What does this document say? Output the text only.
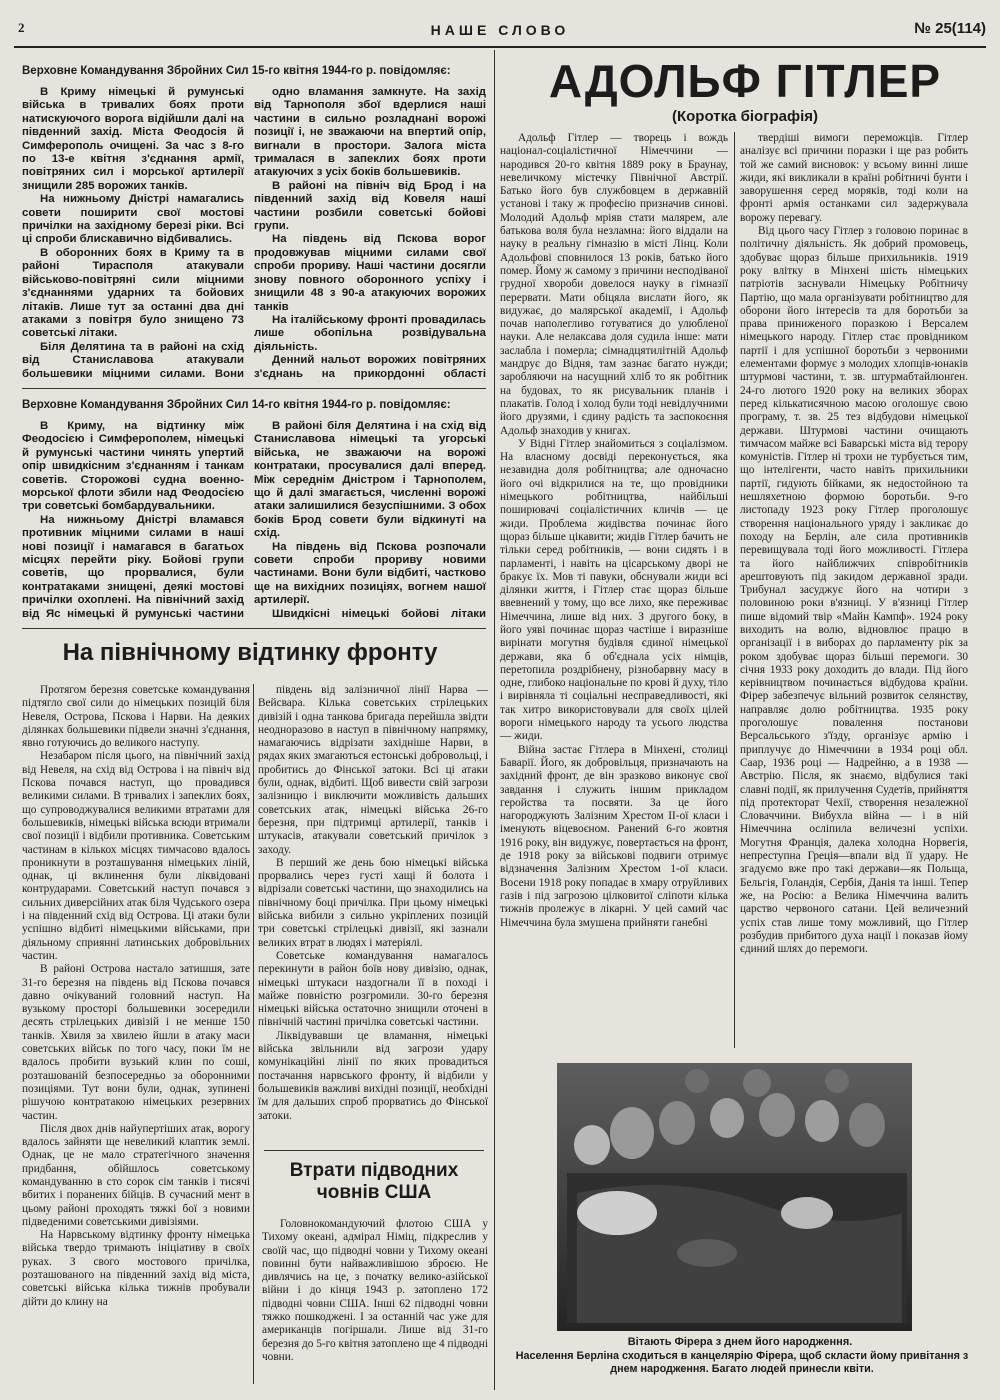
2	НАШЕ СЛОВО	№ 25(114)
Верховне Командування Збройних Сил 15-го квітня 1944-го р. повідомляє:

В Криму німецькі й румунські війська в тривалих боях проти натискуючого ворога відійшли далі на південний захід. Міста Феодосія й Симферополь очищені. За час з 8-го по 13-е квітня з'єднання армії, повітряних сил і морської артилерії знищили 285 ворожих танків.

На нижньому Дністрі намагались совети поширити свої мостові причілки на західному березі ріки. Всі ці спроби блискавично відбивались.

В оборонних боях в Криму та в районі Тирасполя атакували військово-повітряні сили міцними з'єднаннями ударних та бойових літаків. Лише тут за останні два дні атаками з повітря було знищено 73 советські літаки.

Біля Делятина та в районі на схід від Станиславова атакували большевики міцними силами. Вони

одно вламання замкнуте. На захід від Тарнополя збої вдерлися наші частини в сильно розладнані ворожі позиції і, не зважаючи на впертий опір, вигнали в простори. Залога міста трималася в запеклих боях проти атакуючих з усіх боків большевиків.

В районі на північ від Брод і на південний захід від Ковеля наші частини розбили советські бойові групи.

На південь від Пскова ворог продовжував міцними силами свої спроби прориву. Наші частини досягли знову повного оборонного успіху і знищили 48 з 90-а атакуючих ворожих танків

На італійському фронті провадилась лише обопільна розвідувальна діяльність.

Денний нальот ворожих повітряних з'єднань на прикордонні області

Верховне Командування Збройних Сил 14-го квітня 1944-го р. повідомляє:

В Криму, на відтинку між Феодосією і Симферополем, німецькі й румунські частини чинять упертий опір швидкісним з'єднанням і танкам советів. Сторожові судна военно-морської флоти збили над Феодосією три советські бомбардувальники.

На нижньому Дністрі вламався противник міцними силами в наші нові позиції і намагався в багатьох місцях перейти ріку. Бойові групи советів, що прорвалися, були контратаками знищені, деякі мостові причілки охоплені. На північний захід від Яс німецькі й румунські частини

В районі біля Делятина і на схід від Станиславова німецькі та угорські війська, не зважаючи на ворожі контратаки, просувалися далі вперед. Між середнім Дністром і Тарнополем, що й далі змагається, численні ворожі атаки залишилися безуспішними. З обох боків Брод совети були відкинуті на схід.

На південь від Пскова розпочали совети спроби прориву новими частинами. Вони були відбиті, частково ще на вихідних позиціях, вогнем нашої артилерії.

Швидкісні німецькі бойові літаки

На північному відтинку фронту

Протягом березня советське командування підтягло свої сили до німецьких позицій біля Невеля, Острова, Пскова і Нарви. На деяких ділянках большевики підвели значні з'єднання, явно готуючись до великого наступу.

Незабаром після цього, на північний захід від Невеля, на схід від Острова і на північ від Пскова почався наступ, що провадився великими силами. В тривалих і запеклих боях, що супроводжувалися великими втратами для большевиків, німецькі війська всюди втримали свої позиції і відбили противника. Советським частинам в кількох місцях тимчасово вдалось проникнути в розташування німецьких ліній, однак, ці вклинення були ліквідовані контрударами. Советський наступ почався з сильних диверсійних атак біля Чудського озера і на південний схід від Острова. Ці атаки були успішно відбиті німецькими військами, при діяльному сприянні латинських добровільних частин.

В районі Острова настало затишшя, зате 31-го березня на південь від Пскова почався давно очікуваний головний наступ. На вузькому просторі большевики зосередили десять стрілецьких дивізій і не менше 150 танків. Хвиля за хвилею йшли в атаку маси советських військ по того часу, поки їм не вдалось пробити вузький клин по соші, розташованій безпосередньо за оборонними позиціями. Тут вони були, однак, зупинені рішучою контратакою німецьких резервних частин.

Після двох днів найупертіших атак, ворогу вдалось зайняти ще невеликий клаптик землі. Однак, це не мало стратегічного значення придбання, обійшлось советському командуванню в сто сорок сім танків і тисячі вбитих і поранених бійців. В сучасний мент в цьому районі проходять тяжкі бої з новими підведеними советськими дивізіями.

На Нарвському відтинку фронту німецька війська твердо тримають ініціативу в своїх руках. З свого мостового причілка, розташованого на південний захід від міста, советські війська кілька тижнів пробували дійти до клину на

південь від залізничної лінії Нарва — Вейсвара. Кілька советських стрілецьких дивізій і одна танкова бригада перейшла звідти неодноразово в наступ в північному напрямку, намагаючись відрізати західніше Нарви, в рядах яких змагаються естонські добровольці, і пробитись до Фінської затоки. Всі ці атаки були, однак, відбиті. Щоб вивести свій загрози залізницю і виключити можливість дальших советських атак, німецькі війська 26-го березня, при підтримці артилерії, танків і штукасів, атакували советський причілок з заходу.

В перший же день бою німецькі війська прорвались через густі хащі й болота і відрізали советські частини, що знаходились на північному боці причілка. При цьому німецькі війська вибили з сильно укріплених позицій три советські стрілецькі дивізії, які зазнали великих втрат в людях і матеріялі.

Советське командування намагалось перекинути в район боїв нову дивізію, однак, німецькі штукаси наздогнали її в поході і майже повністю розгромили. 30-го березня німецькі війська остаточно знищили оточені в північній частині причілка советські частини.

Ліквідувавши це вламання, німецькі війська звільнили від загрози удару комунікаційні лінії по яких провадиться постачання нарвського фронту, й відбили у большевиків важливі вихідні позиції, необхідні їм для дальших спроб прорватись до Фінської затоки.

Втрати підводних човнів США

Головнокомандуючий флотою США у Тихому океані, адмірал Німіц, підкреслив у своїй час, що підводні човни у Тихому океані повинні бути найважливішою зброєю. Не дивлячись на це, з початку велико-азійської війни і до кінця 1943 р. затоплено 172 підводні човни США. Інші 62 підводні човни тяжко пошкоджені. І за останній час уже для американців погіршали. Лише від 31-го березня до 5-го квітня затоплено ще 4 підводні човни.

АДОЛЬФ ГІТЛЕР
(Коротка біографія)

Адольф Гітлер — творець і вождь націонал-соціалістичної Німеччини — народився 20-го квітня 1889 року в Браунау, невеличкому містечку Північної Австрії. Батько його був службовцем в державній установі і таку ж професію призначив синові. Молодий Адольф мріяв стати малярем, але батькова воля була незламна: його віддали на науку в реальну гімназію в місті Лінц. Коли Адольфові сповнилося 13 років, батько його помер. Йому ж самому з причини несподіваної грудної хвороби довелося науку в гімназії перервати. Мати обіцяла вислати його, як видужає, до малярської академії, і Адольф почав наполегливо готуватися до улюбленої науки. Але нелаксавa доля судила інше: мати заслабла і померла; сімнадцятилітній Адольф мандрує до Відня, там зазнає багато нужди; заробляючи на насущний хліб то як робітник на будовах, то як рисувальник планів і плакатів. Голод і холод були тоді невідлучними його друзями, і єдину радість та заспокоєння Адольф знаходив у книгах.

У Відні Гітлер знайомиться з соціалізмом. На власному досвіді переконується, яка незавидна доля робітництва; але одночасно його очі відкрилися на те, що провідники німецького робітництва, найбільші поширювачі соціалістичних кличів — це жиди. Проблема жидівства починає його щораз більше цікавити; жидів Гітлер бачить не тільки серед робітників, — вони сидять і в парламенті, і навіть на цісарському дворі не бракує їх. Мов ті павуки, обснували жиди всі ділянки життя, і Гітлер стає щораз більше ввевнений у тому, що все лихо, яке переживає Німеччина, лише від них. З другого боку, в його уяві починає щораз частіше і виразніше вирінати могутня будівля єдиної німецької держави, яка б об'єднала усіх німців, перетопила роздрібнену, різнобарвну масу в одне, глибоко національне по крові й духу, тіло і вирівняла ті соціальні несправедливості, які так хитро використовували для своїх цілей вороги німецького народу та усього людства — жиди.

Війна застає Гітлера в Мінхені, столиці Баварії. Його, як добровільця, призначають на західний фронт, де він зразково виконує свої завдання і служить іншим прикладом геройства та посвяти. За це його нагороджують Залізним Хрестом ІІ-ої класи і іменують віцевоєном. Ранений 6-го жовтня 1916 року, він видужує, повертається на фронт, де 1918 року за військові подвиги отримує відзначення Залізним Хрестом 1-ої класи. Восени 1918 року попадає в хмару отруйливих газів і під загрозою цілковитої сліпоти кілька тижнів пролежує в лікарні. У цей самий час Німеччина була змушена прийняти ганебні

твердіші вимоги переможців. Гітлер аналізує всі причини поразки і ще раз робить той же самий висновок: у всьому винні лише жиди, які викликали в країні робітничі бунти і заворушення серед моряків, тоді коли на фронті армія останками сил задержувала ворожу перевагу.

Від цього часу Гітлер з головою поринає в політичну діяльність. Як добрий промовець, здобуває щораз більше прихильників. 1919 року влітку в Мінхені шість німецьких патріотів заснували Німецьку Робітничу Партію, що мала організувати робітництво для оборони його інтересів та для боротьби за права приниженого поразкою і Версалем німецького народу. Гітлер стає провідником партії і для успішної боротьби з червоними елементами формує з молодих хлопців-юнаків штурмові частини, т. зв. штурмабтайлюнґен. 24-го лютого 1920 року на великих зборах перед кількатисячною масою оголошує свою програму, т. зв. 25 тез відбудови німецької держави. Штурмові частини очищають тимчасом майже всі Баварські міста від терору комуністів. Гітлер ні трохи не турбується тим, що інтелігенти, часто навіть прихильники партії, гидують бійками, як недостойною та нешляхетною формою боротьби. 9-го листопаду 1923 року Гітлер проголошує створення національного уряду і закликає до походу на Берлін, але сила противників перевищувала тоді його можливості. Гітлера та його найближчих співробітників арештовують під закидом державної зради. Трибунал засуджує його на чотири з половиною роки в'язниці. У в'язниці Гітлер пише відомий твір «Майн Кампф». 1924 року виходить на волю, відновлює працю в організації і в виборах до парламенту рік за роком здобуває щораз більші перемоги. 30 січня 1933 року доходить до влади. Під його керівництвом починається відбудова країни. Фірер забезпечує вільний розвиток селянству, направляє долю робітництва. 1935 року проголошує повалення постанови Версальського з'їзду, організує армію і приплучує до Німеччини в 1934 році обл. Саар, 1936 році — Надрейню, а в 1938 — Австрію. Після, як знаємо, відбулися такі славні події, як прилучення Судетів, прийняття під протекторат Чехії, створення незалежної Словаччини. Вибухла війна — і в ній Німеччина осліпила величезні успіхи. Могутня Франція, далека холодна Норвегія, непреступна Греція—впали від її удару. Не згадуємо вже про такі держави—як Польща, Бельгія, Голандія, Сербія, Данія та інші. Тепер же, на Росію: а Велика Німеччина валить царство червоного сатани. Цей величезний успіх став лише тому можливий, що Гітлер розбудив прибитого духа нації і показав йому єдиний шлях до перемоги.

Вітають Фірера з днем його народження.
Населення Берліна сходиться в канцелярію Фірера, щоб скласти йому привітання з днем народження. Багато людей принесли квіти.
